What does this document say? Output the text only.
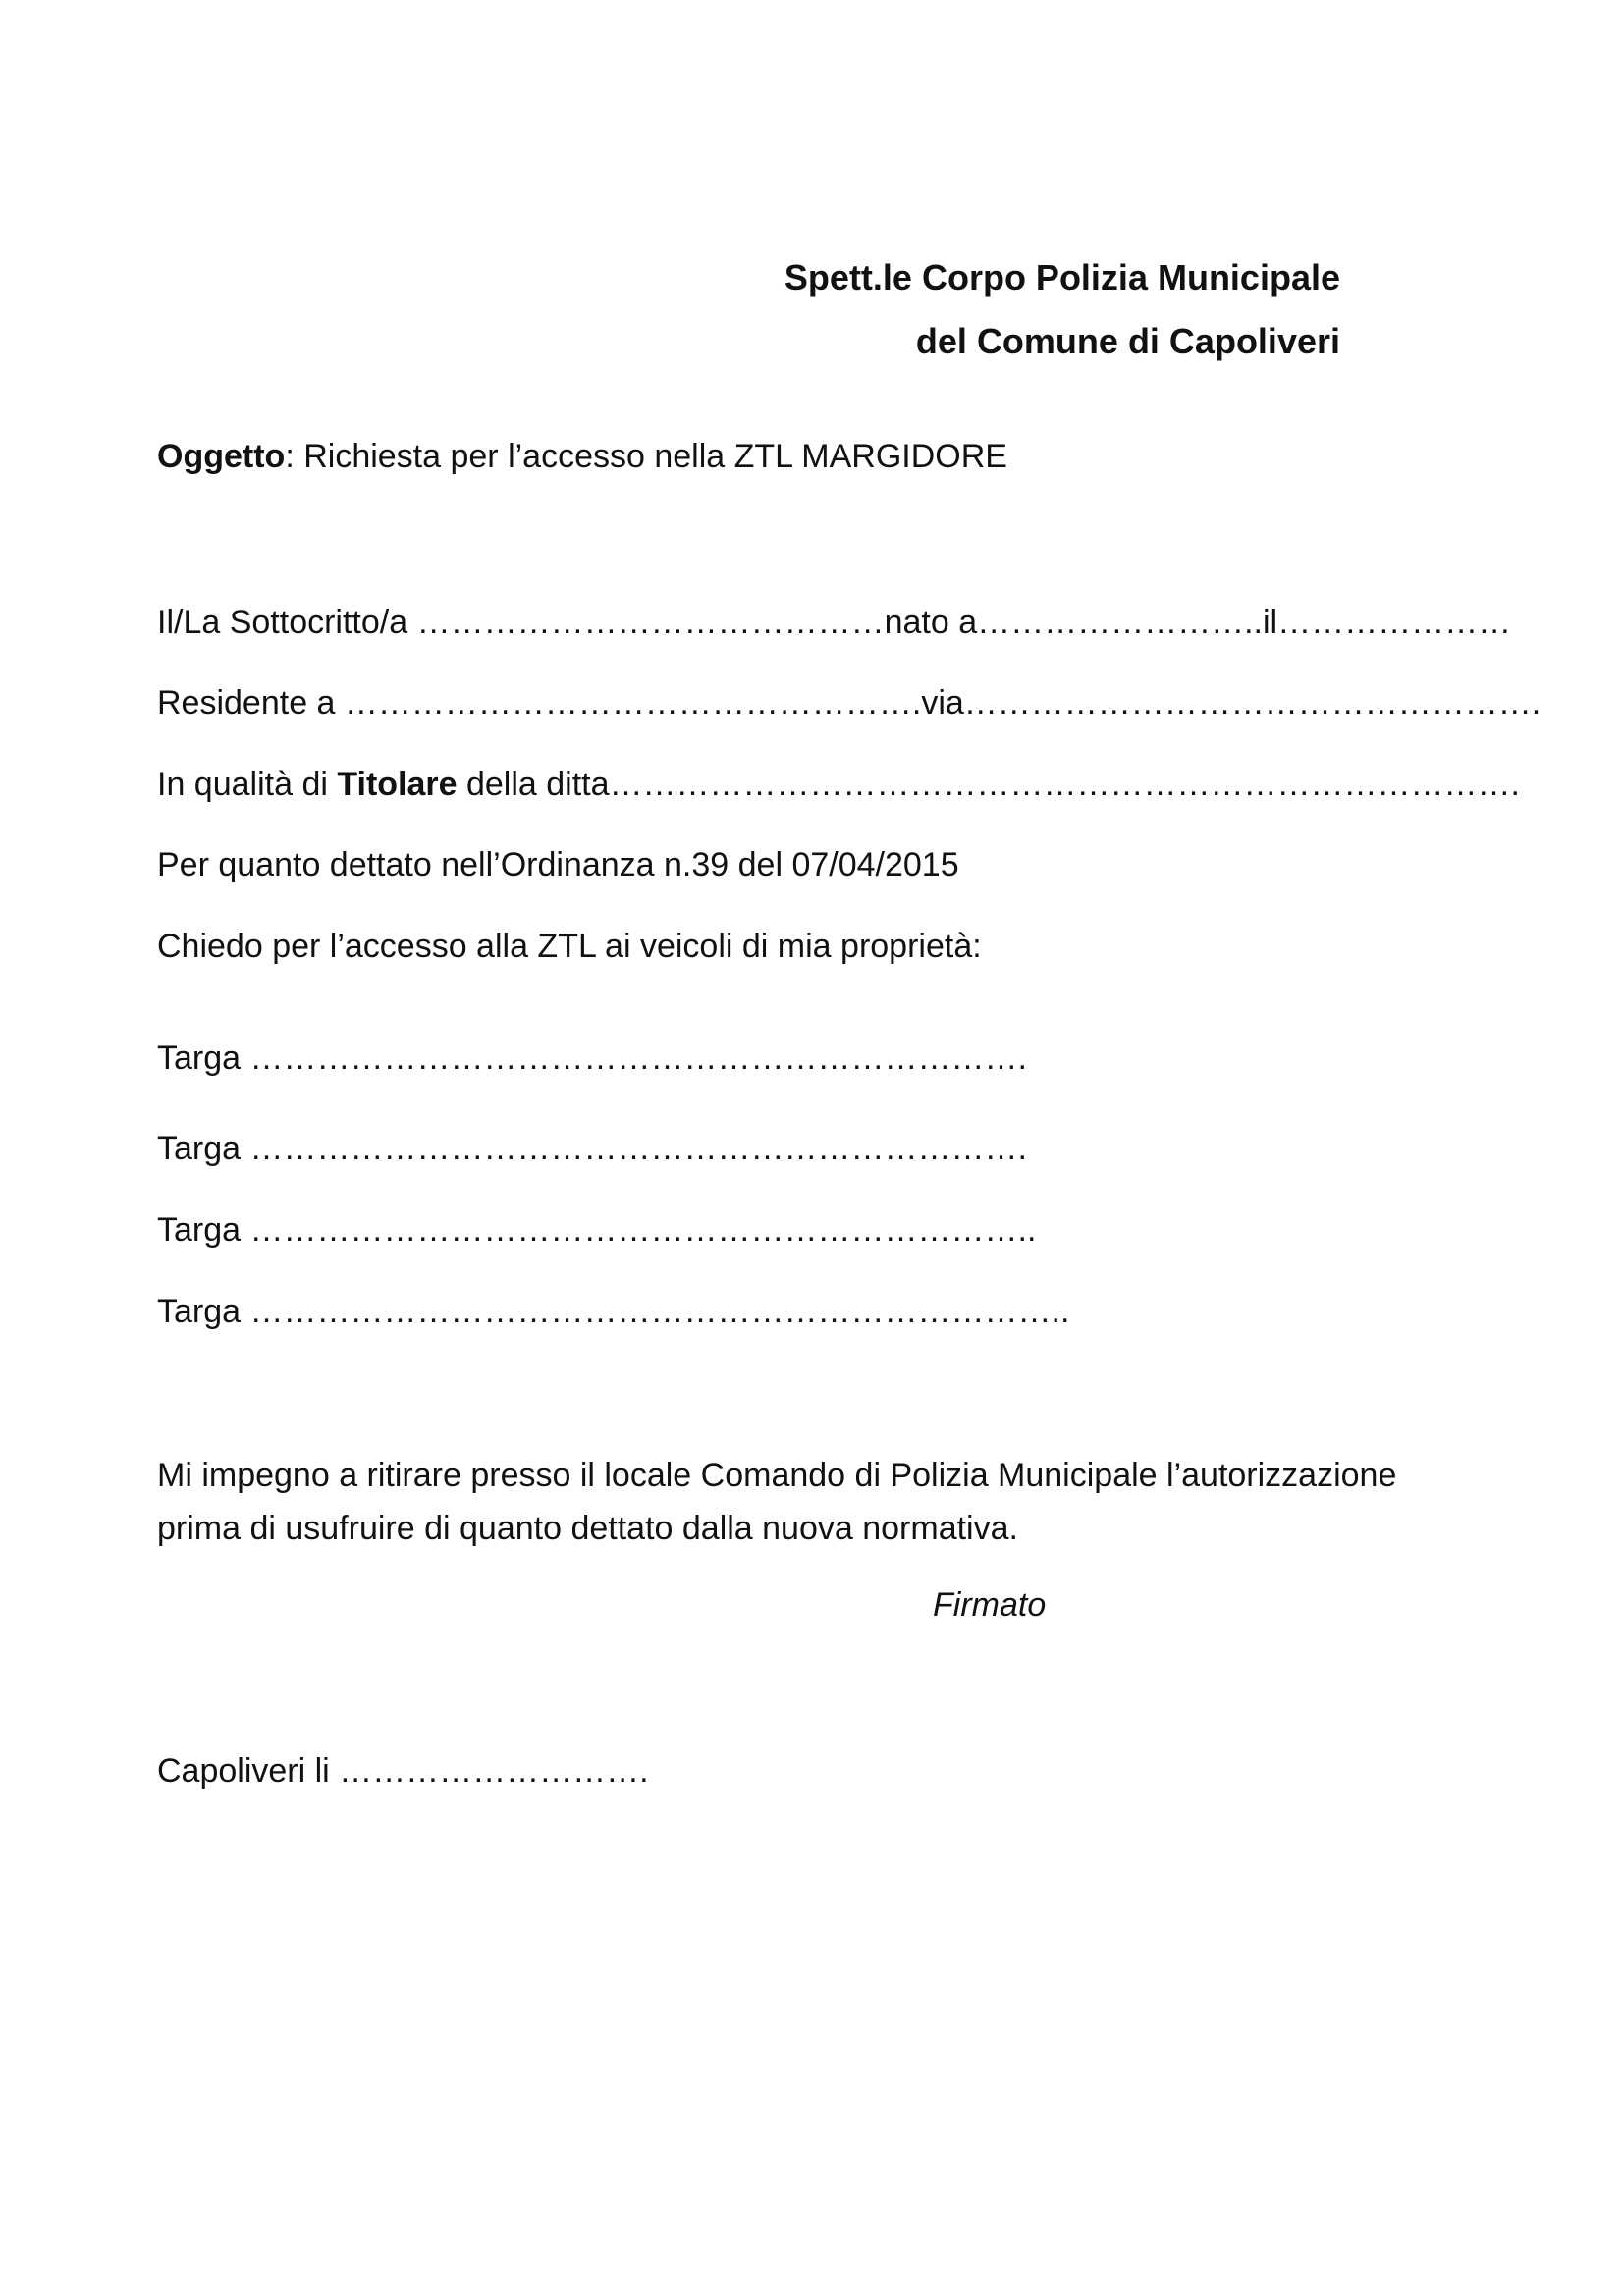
Spett.le Corpo Polizia Municipale
del Comune di Capoliveri
Oggetto: Richiesta per l’accesso nella ZTL MARGIDORE
Il/La Sottocritto/a ……………………………………nato a……………………..il…………………
Residente a …………………………………………….via…………………………………………….
In qualità di Titolare della ditta……………………………………………………………………….
Per quanto dettato nell’Ordinanza n.39 del 07/04/2015
Chiedo per l’accesso alla ZTL ai veicoli di mia proprietà:
Targa …………………………………………………………….
Targa …………………………………………………………….
Targa ……………………………………………………………..
Targa ………………………………………………………………..
Mi impegno a ritirare presso il locale Comando di Polizia Municipale l’autorizzazione
prima di usufruire di quanto dettato dalla nuova normativa.
Firmato
Capoliveri li ……………………….
